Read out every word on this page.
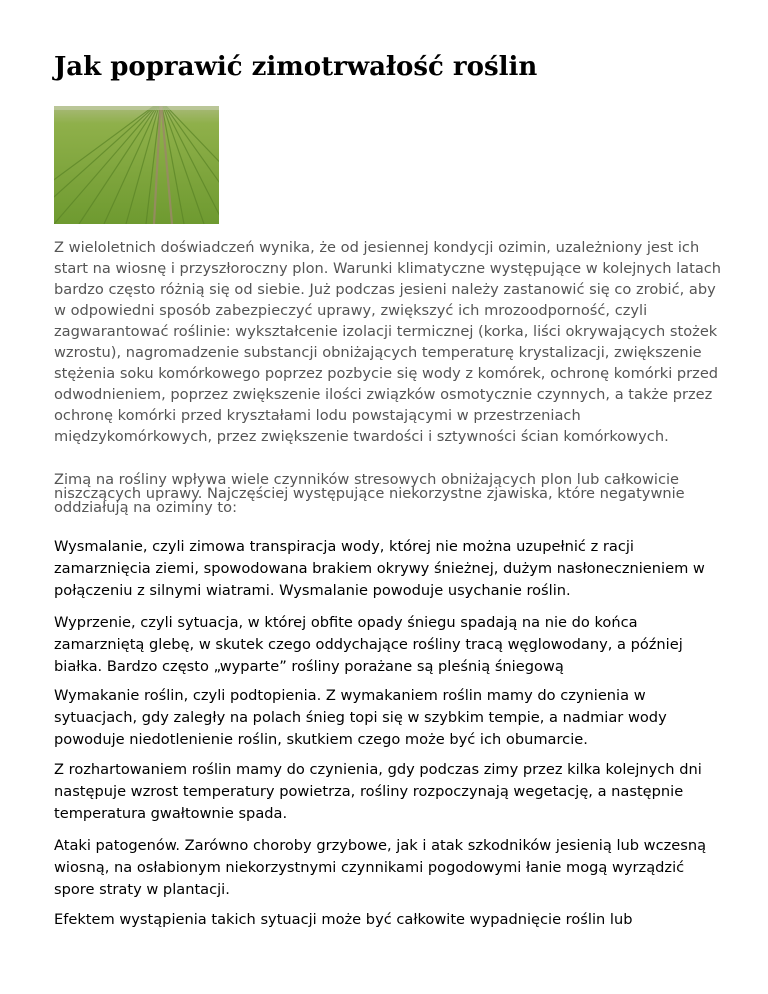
Jak poprawić zimotrwałość roślin

Z wieloletnich doświadczeń wynika, że od jesiennej kondycji ozimin, uzależniony jest ich start na wiosnę i przyszłoroczny plon. Warunki klimatyczne występujące w kolejnych latach bardzo często różnią się od siebie. Już podczas jesieni należy zastanowić się co zrobić, aby w odpowiedni sposób zabezpieczyć uprawy, zwiększyć ich mrozoodporność, czyli zagwarantować roślinie: wykształcenie izolacji termicznej (korka, liści okrywających stożek wzrostu), nagromadzenie substancji obniżających temperaturę krystalizacji, zwiększenie stężenia soku komórkowego poprzez pozbycie się wody z komórek, ochronę komórki przed odwodnieniem, poprzez zwiększenie ilości związków osmotycznie czynnych, a także przez ochronę komórki przed kryształami lodu powstającymi w przestrzeniach międzykomórkowych, przez zwiększenie twardości i sztywności ścian komórkowych.

Zimą na rośliny wpływa wiele czynników stresowych obniżających plon lub całkowicie niszczących uprawy. Najczęściej występujące niekorzystne zjawiska, które negatywnie oddziałują na oziminy to:

Wysmalanie, czyli zimowa transpiracja wody, której nie można uzupełnić z racji zamarznięcia ziemi, spowodowana brakiem okrywy śnieżnej, dużym nasłonecznieniem w połączeniu z silnymi wiatrami. Wysmalanie powoduje usychanie roślin.

Wyprzenie, czyli sytuacja, w której obfite opady śniegu spadają na nie do końca zamarzniętą glebę, w skutek czego oddychające rośliny tracą węglowodany, a później białka. Bardzo często „wyparte” rośliny porażane są pleśnią śniegową

Wymakanie roślin, czyli podtopienia. Z wymakaniem roślin mamy do czynienia w sytuacjach, gdy zaległy na polach śnieg topi się w szybkim tempie, a nadmiar wody powoduje niedotlenienie roślin, skutkiem czego może być ich obumarcie.

Z rozhartowaniem roślin mamy do czynienia, gdy podczas zimy przez kilka kolejnych dni następuje wzrost temperatury powietrza, rośliny rozpoczynają wegetację, a następnie temperatura gwałtownie spada.

Ataki patogenów. Zarówno choroby grzybowe, jak i atak szkodników jesienią lub wczesną wiosną, na osłabionym niekorzystnymi czynnikami pogodowymi łanie mogą wyrządzić spore straty w plantacji.

Efektem wystąpienia takich sytuacji może być całkowite wypadnięcie roślin lub
